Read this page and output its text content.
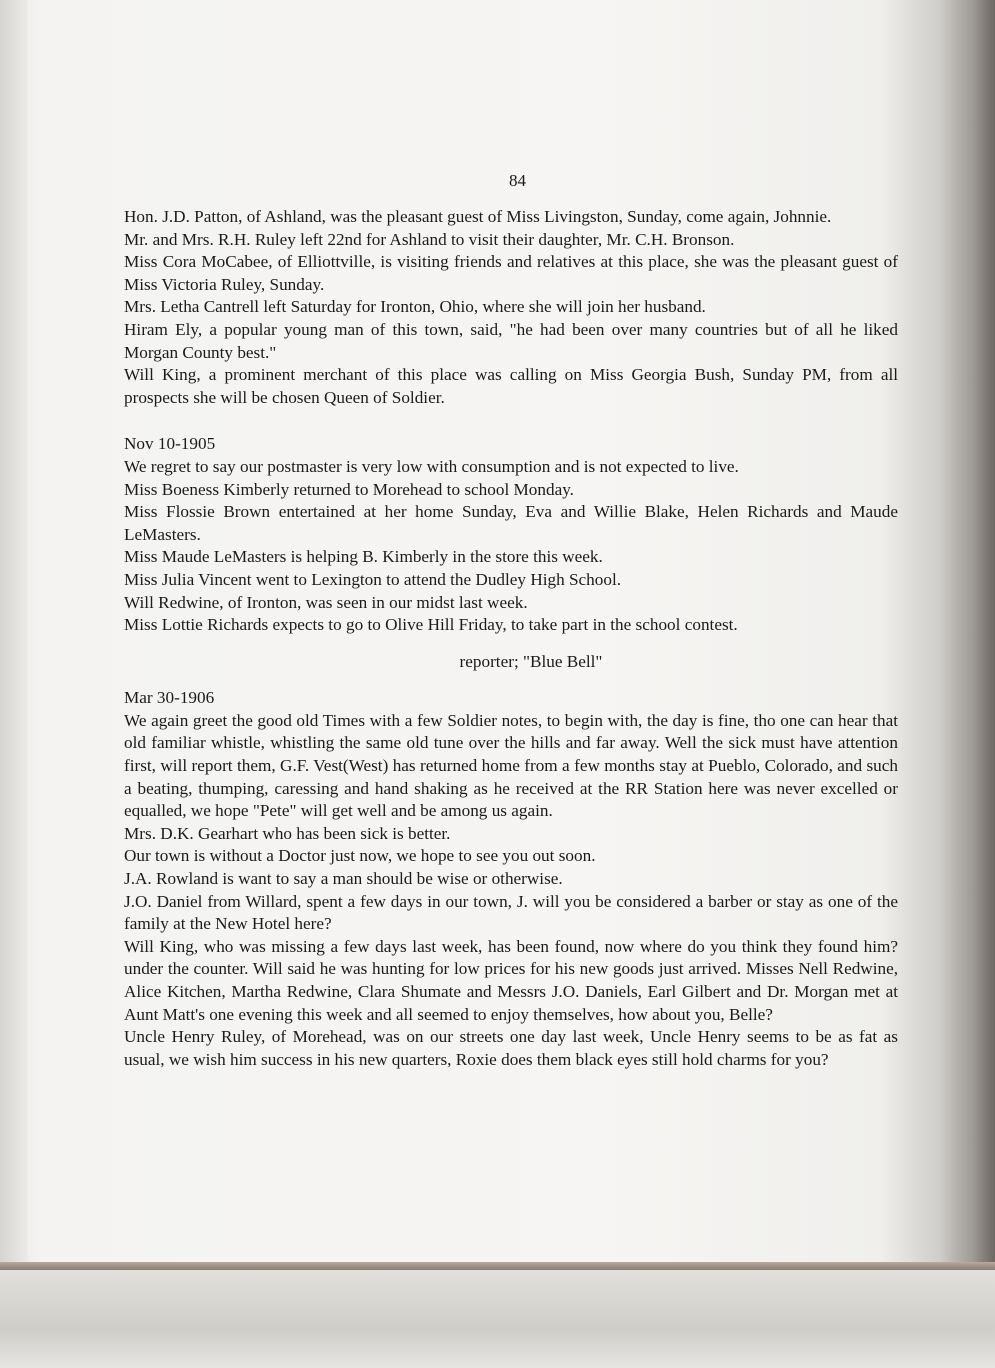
84

Hon. J.D. Patton, of Ashland, was the pleasant guest of Miss Livingston, Sunday, come again, Johnnie.

Mr. and Mrs. R.H. Ruley left 22nd for Ashland to visit their daughter, Mr. C.H. Bronson.

Miss Cora MoCabee, of Elliottville, is visiting friends and relatives at this place, she was the pleasant guest of Miss Victoria Ruley, Sunday.

Mrs. Letha Cantrell left Saturday for Ironton, Ohio, where she will join her husband.

Hiram Ely, a popular young man of this town, said, "he had been over many countries but of all he liked Morgan County best."

Will King, a prominent merchant of this place was calling on Miss Georgia Bush, Sunday PM, from all prospects she will be chosen Queen of Soldier.

Nov 10-1905

We regret to say our postmaster is very low with consumption and is not expected to live.

Miss Boeness Kimberly returned to Morehead to school Monday.

Miss Flossie Brown entertained at her home Sunday, Eva and Willie Blake, Helen Richards and Maude LeMasters.

Miss Maude LeMasters is helping B. Kimberly in the store this week.

Miss Julia Vincent went to Lexington to attend the Dudley High School.

Will Redwine, of Ironton, was seen in our midst last week.

Miss Lottie Richards expects to go to Olive Hill Friday, to take part in the school contest.

reporter; "Blue Bell"

Mar 30-1906

We again greet the good old Times with a few Soldier notes, to begin with, the day is fine, tho one can hear that old familiar whistle, whistling the same old tune over the hills and far away. Well the sick must have attention first, will report them, G.F. Vest(West) has returned home from a few months stay at Pueblo, Colorado, and such a beating, thumping, caressing and hand shaking as he received at the RR Station here was never excelled or equalled, we hope "Pete" will get well and be among us again.

Mrs. D.K. Gearhart who has been sick is better.

Our town is without a Doctor just now, we hope to see you out soon.

J.A. Rowland is want to say a man should be wise or otherwise.

J.O. Daniel from Willard, spent a few days in our town, J. will you be considered a barber or stay as one of the family at the New Hotel here?

Will King, who was missing a few days last week, has been found, now where do you think they found him? under the counter. Will said he was hunting for low prices for his new goods just arrived. Misses Nell Redwine, Alice Kitchen, Martha Redwine, Clara Shumate and Messrs J.O. Daniels, Earl Gilbert and Dr. Morgan met at Aunt Matt's one evening this week and all seemed to enjoy themselves, how about you, Belle?

Uncle Henry Ruley, of Morehead, was on our streets one day last week, Uncle Henry seems to be as fat as usual, we wish him success in his new quarters, Roxie does them black eyes still hold charms for you?
